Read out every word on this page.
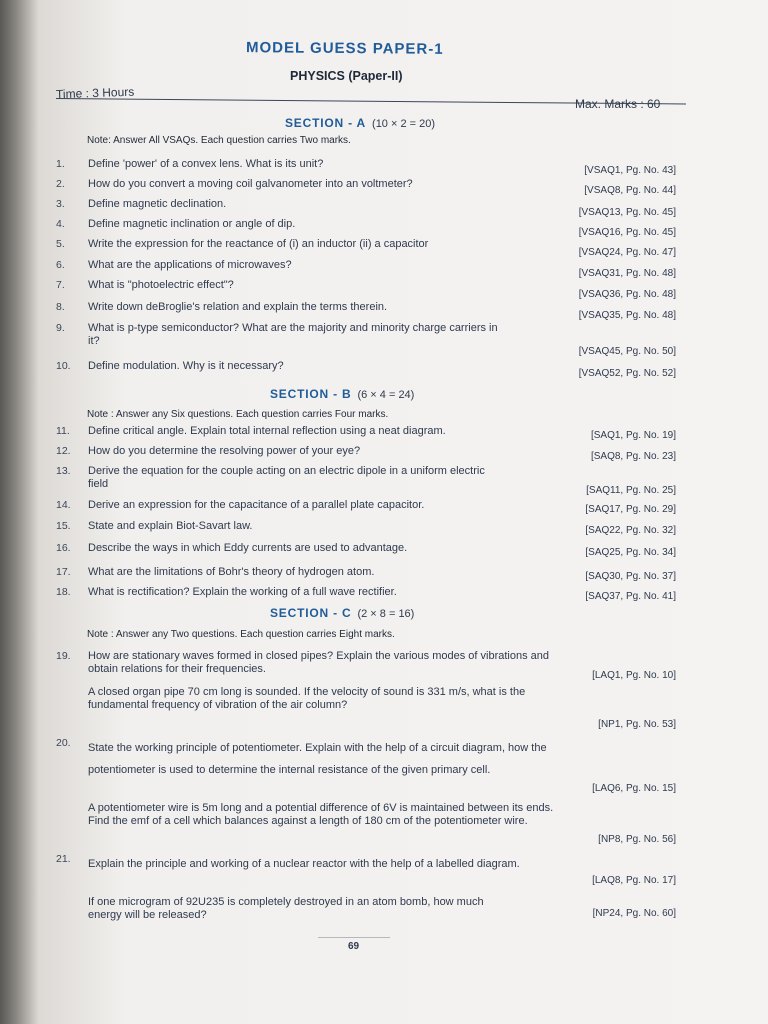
MODEL GUESS PAPER-1
PHYSICS (Paper-II)
Time : 3 Hours
Max. Marks : 60
SECTION - A (10 × 2 = 20)
Note: Answer All VSAQs. Each question carries Two marks.
SECTION - B (6 × 4 = 24)
Note : Answer any Six questions. Each question carries Four marks.
SECTION - C (2 × 8 = 16)
Note : Answer any Two questions. Each question carries Eight marks.
1. Define 'power' of a convex lens. What is its unit?
[VSAQ1, Pg. No. 43]
2. How do you convert a moving coil galvanometer into an voltmeter?
[VSAQ8, Pg. No. 44]
3. Define magnetic declination.
[VSAQ13, Pg. No. 45]
4. Define magnetic inclination or angle of dip.
[VSAQ16, Pg. No. 45]
5. Write the expression for the reactance of (i) an inductor (ii) a capacitor
[VSAQ24, Pg. No. 47]
6. What are the applications of microwaves?
[VSAQ31, Pg. No. 48]
7. What is "photoelectric effect"?
[VSAQ36, Pg. No. 48]
8. Write down deBroglie's relation and explain the terms therein.
[VSAQ35, Pg. No. 48]
9. What is p-type semiconductor? What are the majority and minority charge carriers in it?
[VSAQ45, Pg. No. 50]
10. Define modulation. Why is it necessary?
[VSAQ52, Pg. No. 52]
11. Define critical angle. Explain total internal reflection using a neat diagram.	[SAQ1, Pg. No. 19]
12. How do you determine the resolving power of your eye?	[SAQ8, Pg. No. 23]
13. Derive the equation for the couple acting on an electric dipole in a uniform electric field
[SAQ11, Pg. No. 25]
14. Derive an expression for the capacitance of a parallel plate capacitor.	[SAQ17, Pg. No. 29]
15. State and explain Biot-Savart law.	[SAQ22, Pg. No. 32]
16. Describe the ways in which Eddy currents are used to advantage.	[SAQ25, Pg. No. 34]
17. What are the limitations of Bohr's theory of hydrogen atom.	[SAQ30, Pg. No. 37]
18. What is rectification? Explain the working of a full wave rectifier.	[SAQ37, Pg. No. 41]
19. How are stationary waves formed in closed pipes? Explain the various modes of vibrations and obtain relations for their frequencies.
[LAQ1, Pg. No. 10]
A closed organ pipe 70 cm long is sounded. If the velocity of sound is 331 m/s, what is the fundamental frequency of vibration of the air column?
[NP1, Pg. No. 53]
20. State the working principle of potentiometer. Explain with the help of a circuit diagram, how the potentiometer is used to determine the internal resistance of the given primary cell.
[LAQ6, Pg. No. 15]
A potentiometer wire is 5m long and a potential difference of 6V is maintained between its ends. Find the emf of a cell which balances against a length of 180 cm of the potentiometer wire.
[NP8, Pg. No. 56]
21. Explain the principle and working of a nuclear reactor with the help of a labelled diagram.
[LAQ8, Pg. No. 17]
If one microgram of 92U235 is completely destroyed in an atom bomb, how much energy will be released?	[NP24, Pg. No. 60]
69
